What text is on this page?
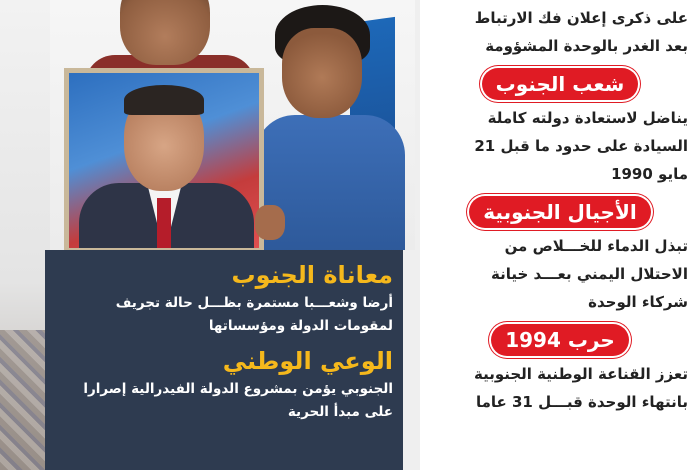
معاناة الجنوب
أرضا وشعـــبا مستمرة بظـــل حالة تجريف
لمقومات الدولة ومؤسساتها
الوعي الوطني
الجنوبي يؤمن بمشروع الدولة الفيدرالية إصرارا
على مبدأ الحرية
على ذكرى إعلان فك الارتباط
بعد الغدر بالوحدة المشؤومة
شعب الجنوب
يناضل لاستعادة دولته كاملة
السيادة على حدود ما قبل 21
مايو 1990
الأجيال الجنوبية
تبذل الدماء للخـــلاص من
الاحتلال اليمني بعـــد خيانة
شركاء الوحدة
حرب 1994
تعزز القناعة الوطنية الجنوبية
بانتهاء الوحدة قبـــل 31 عاما
